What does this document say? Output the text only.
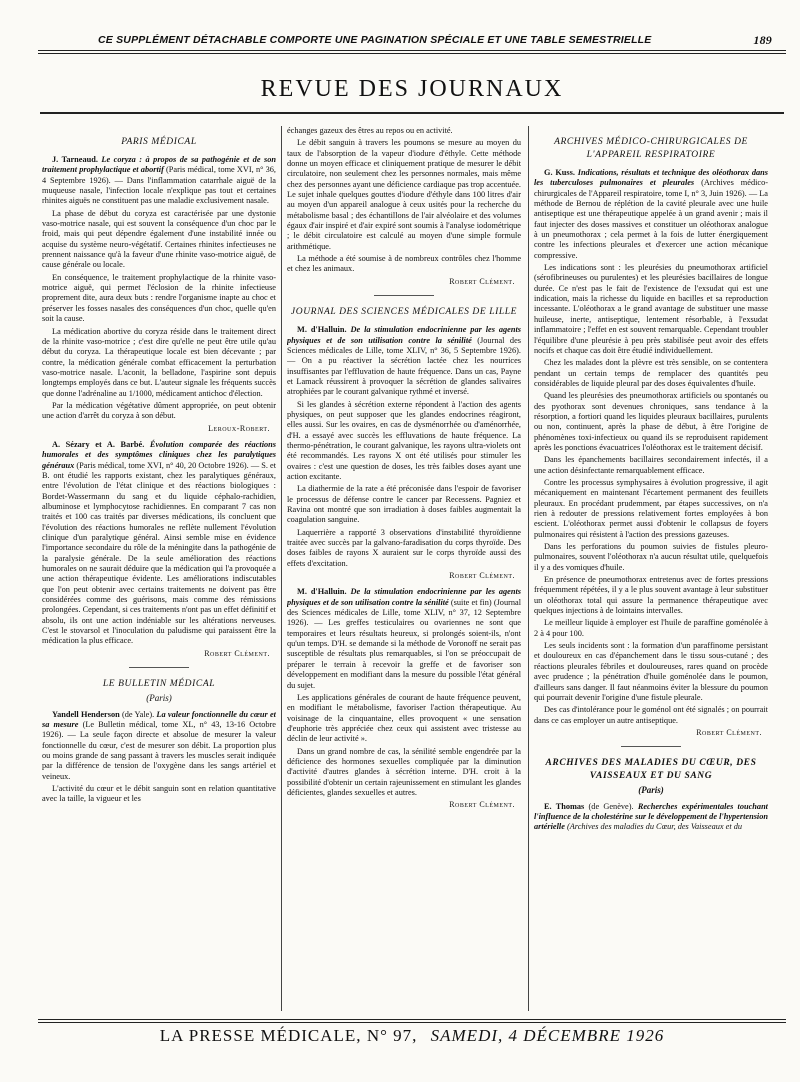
CE SUPPLÉMENT DÉTACHABLE COMPORTE UNE PAGINATION SPÉCIALE ET UNE TABLE SEMESTRIELLE	189
REVUE DES JOURNAUX
PARIS MÉDICAL

J. Tarneaud. Le coryza : à propos de sa pathogénie et de son traitement prophylactique et abortif (Paris médical, tome XVI, n° 36, 4 Septembre 1926). — Dans l'inflammation catarrhale aiguë de la muqueuse nasale, l'infection locale n'explique pas tout et certaines rhinites aiguës ne constituent pas une maladie exclusivement nasale.

La phase de début du coryza est caractérisée par une dystonie vaso-motrice nasale, qui est souvent la conséquence d'un choc par le froid, mais qui peut dépendre également d'une instabilité innée ou acquise du système neuro-végétatif. Certaines rhinites infectieuses ne prennent naissance qu'à la faveur d'une rhinite vaso-motrice aiguë, de cause générale ou locale.

En conséquence, le traitement prophylactique de la rhinite vaso-motrice aiguë, qui permet l'éclosion de la rhinite infectieuse proprement dite, aura deux buts : rendre l'organisme inapte au choc et préserver les fosses nasales des conséquences d'un choc, quelle qu'en soit la cause.

La médication abortive du coryza réside dans le traitement direct de la rhinite vaso-motrice ; c'est dire qu'elle ne peut être utile qu'au début du coryza. La thérapeutique locale est bien décevante ; par contre, la médication générale combat efficacement la perturbation vaso-motrice nasale. L'aconit, la belladone, l'aspirine sont depuis longtemps employés dans ce but. L'auteur signale les fréquents succès que donne l'adrénaline au 1/1000, médicament antichoc d'élection.

Par la médication végétative dûment appropriée, on peut obtenir une action d'arrêt du coryza à son début.

Leroux-Robert.

A. Sézary et A. Barbé. Évolution comparée des réactions humorales et des symptômes cliniques chez les paralytiques généraux (Paris médical, tome XVI, n° 40, 20 Octobre 1926). — S. et B. ont étudié les rapports existant, chez les paralytiques généraux, entre l'évolution de l'état clinique et des réactions biologiques : Bordet-Wassermann du sang et du liquide céphalo-rachidien, albuminose et lymphocytose rachidiennes. En comparant 7 cas non traités et 100 cas traités par diverses médications, ils concluent que l'évolution des réactions humorales ne reflète nullement l'évolution clinique d'un paralytique général. Ainsi semble mise en évidence l'importance secondaire du rôle de la méningite dans la pathogénie de la paralysie générale. De la seule amélioration des réactions humorales on ne saurait déduire que la médication qui l'a provoquée a une action thérapeutique évidente. Les améliorations indiscutables que l'on peut obtenir avec certains traitements ne doivent pas être considérées comme des guérisons, mais comme des rémissions prolongées. Cependant, si ces traitements n'ont pas un effet définitif et absolu, ils ont une action indéniable sur les altérations nerveuses. C'est le stovarsol et l'inoculation du paludisme qui paraissent être la médication la plus efficace.

Robert Clément.
LE BULLETIN MÉDICAL
(Paris)

Yandell Henderson (de Yale). La valeur fonctionnelle du cœur et sa mesure (Le Bulletin médical, tome XL, n° 43, 13-16 Octobre 1926). — La seule façon directe et absolue de mesurer la valeur fonctionnelle du cœur, c'est de mesurer son débit. La proportion plus ou moins grande de sang passant à travers les muscles serait indiquée par la différence de tension de l'oxygène dans les sangs artériel et veineux.

L'activité du cœur et le débit sanguin sont en relation quantitative avec la taille, la vigueur et les

échanges gazeux des êtres au repos ou en activité.

Le débit sanguin à travers les poumons se mesure au moyen du taux de l'absorption de la vapeur d'iodure d'éthyle. Cette méthode donne un moyen efficace et cliniquement pratique de mesurer le débit circulatoire, non seulement chez les personnes normales, mais même chez des personnes ayant une déficience cardiaque pas trop accentuée. Le sujet inhale quelques gouttes d'iodure d'éthyle dans 100 litres d'air au moyen d'un appareil analogue à ceux usités pour la recherche du métabolisme basal ; des échantillons de l'air alvéolaire et des volumes égaux d'air inspiré et d'air expiré sont soumis à l'analyse iodométrique ; le débit circulatoire est calculé au moyen d'une simple formule arithmétique.

La méthode a été soumise à de nombreux contrôles chez l'homme et chez les animaux.

Robert Clément.
JOURNAL DES SCIENCES MÉDICALES DE LILLE

M. d'Halluin. De la stimulation endocrinienne par les agents physiques et de son utilisation contre la sénilité (Journal des Sciences médicales de Lille, tome XLIV, n° 36, 5 Septembre 1926). — On a pu réactiver la sécrétion lactée chez les nourrices insuffisantes par l'effluvation de haute fréquence. Dans un cas, Payne et Lamack réussirent à provoquer la sécrétion de glandes salivaires atrophiées par le courant galvanique rythmé et inversé.

Si les glandes à sécrétion externe répondent à l'action des agents physiques, on peut supposer que les glandes endocrines réagiront, elles aussi. Sur les ovaires, en cas de dysménorrhée ou d'aménorrhée, d'H. a essayé avec succès les effluvations de haute fréquence. La thermo-pénétration, le courant galvanique, les rayons ultra-violets ont été recommandés. Les rayons X ont été utilisés pour stimuler les ovaires : c'est une question de doses, les très faibles doses ayant une action excitante.

La diathermie de la rate a été préconisée dans l'espoir de favoriser le processus de défense contre le cancer par Recessens. Pagniez et Ravina ont montré que son irradiation à doses faibles augmentait la coagulation sanguine.

Laquerrière a rapporté 3 observations d'instabilité thyroïdienne traitée avec succès par la galvano-faradisation du corps thyroïde. Des doses faibles de rayons X auraient sur le corps thyroïde aussi des effets d'excitation.

Robert Clément.

M. d'Halluin. De la stimulation endocrinienne par les agents physiques et de son utilisation contre la sénilité (suite et fin) (Journal des Sciences médicales de Lille, tome XLIV, n° 37, 12 Septembre 1926). — Les greffes testiculaires ou ovariennes ne sont que temporaires et leurs résultats heureux, si prolongés soient-ils, n'ont qu'un temps. D'H. se demande si la méthode de Voronoff ne serait pas susceptible de résultats plus remarquables, si l'on se préoccupait de préparer le terrain à recevoir la greffe et de favoriser son développement en modifiant dans la mesure du possible l'état général du sujet.

Les applications générales de courant de haute fréquence peuvent, en modifiant le métabolisme, favoriser l'action thérapeutique. Au voisinage de la cinquantaine, elles provoquent « une sensation d'euphorie très appréciée chez ceux qui assistent avec tristesse au déclin de leur activité ».

Dans un grand nombre de cas, la sénilité semble engendrée par la déficience des hormones sexuelles compliquée par la diminution d'activité d'autres glandes à sécrétion interne. D'H. croit à la possibilité d'obtenir un certain rajeunissement en stimulant les glandes déficientes, glandes sexuelles et autres.

Robert Clément.
ARCHIVES MÉDICO-CHIRURGICALES DE L'APPAREIL RESPIRATOIRE

G. Kuss. Indications, résultats et technique des oléothorax dans les tuberculoses pulmonaires et pleurales (Archives médico-chirurgicales de l'Appareil respiratoire, tome I, n° 3, Juin 1926). — La méthode de Bernou de réplétion de la cavité pleurale avec une huile antiseptique est une thérapeutique appelée à un grand avenir ; mais il faut injecter des doses massives et constituer un oléothorax analogue à un pneumothorax ; cela permet à la fois de lutter énergiquement contre les infections pleurales et d'exercer une action mécanique compressive.

Les indications sont : les pleurésies du pneumothorax artificiel (sérofibrineuses ou purulentes) et les pleurésies bacillaires de longue durée. Ce n'est pas le fait de l'existence de l'exsudat qui est une indication, mais la richesse du liquide en bacilles et sa reproduction incessante. L'oléothorax a le grand avantage de substituer une masse huileuse, inerte, antiseptique, lentement résorbable, à l'exsudat inflammatoire ; l'effet en est souvent remarquable. Cependant troubler l'équilibre d'une pleurésie à peu près stabilisée peut avoir des effets nocifs et chaque cas doit être étudié individuellement.

Chez les malades dont la plèvre est très sensible, on se contentera pendant un certain temps de remplacer des quantités peu considérables de liquide pleural par des doses équivalentes d'huile.

Quand les pleurésies des pneumothorax artificiels ou spontanés ou des pyothorax sont devenues chroniques, sans tendance à la résorption, a fortiori quand les liquides pleuraux bacillaires, purulents ou non, continuent, après la phase de début, à être l'origine de phénomènes toxi-infectieux ou quand ils se reproduisent rapidement après les ponctions évacuatrices l'oléothorax est le traitement décisif.

Dans les épanchements bacillaires secondairement infectés, il a une action désinfectante remarquablement efficace.

Contre les processus symphysaires à évolution progressive, il agit mécaniquement en maintenant l'écartement permanent des feuillets pleuraux. En procédant prudemment, par étapes successives, on n'a rien à redouter de pressions relativement fortes employées à bon escient. L'oléothorax permet aussi d'obtenir le collapsus de foyers pulmonaires qui résistent à l'action des pressions gazeuses.

Dans les perforations du poumon suivies de fistules pleuro-pulmonaires, souvent l'oléothorax n'a aucun résultat utile, quelquefois il y a des vomiques d'huile.

En présence de pneumothorax entretenus avec de fortes pressions fréquemment répétées, il y a le plus souvent avantage à leur substituer un oléothorax total qui assure la permanence thérapeutique avec quelques injections à de lointains intervalles.

Le meilleur liquide à employer est l'huile de paraffine goménolée à 2 à 4 pour 100.

Les seuls incidents sont : la formation d'un paraffinome persistant et douloureux en cas d'épanchement dans le tissu sous-cutané ; des réactions pleurales fébriles et douloureuses, rares quand on procède avec prudence ; la pénétration d'huile goménolée dans le poumon, d'ailleurs sans danger. Il faut néanmoins éviter la blessure du poumon qui pourrait devenir l'origine d'une fistule pleurale.

Des cas d'intolérance pour le goménol ont été signalés ; on pourrait dans ce cas employer un autre antiseptique.

Robert Clément.
ARCHIVES DES MALADIES DU CŒUR, DES VAISSEAUX ET DU SANG
(Paris)

E. Thomas (de Genève). Recherches expérimentales touchant l'influence de la cholestérine sur le développement de l'hypertension artérielle (Archives des maladies du Cœur, des Vaisseaux et du

LA PRESSE MÉDICALE, N° 97, SAMEDI, 4 DÉCEMBRE 1926
